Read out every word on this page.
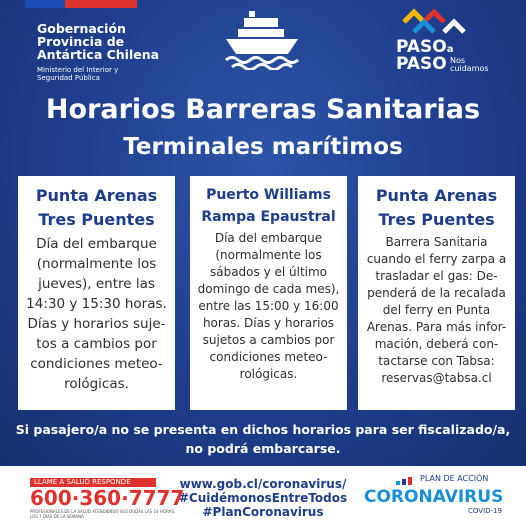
Gobernación
Provincia de
Antártica Chilena
Ministerio del Interior y
Seguridad Pública
PASOa
PASO Nos
cuidamos
Horarios Barreras Sanitarias
Terminales marítimos
Punta Arenas
Tres Puentes
Día del embarque
(normalmente los
jueves), entre las
14:30 y 15:30 horas.
Días y horarios suje-
tos a cambios por
condiciones meteo-
rológicas.
Puerto Williams
Rampa Epaustral
Día del embarque
(normalmente los
sábados y el último
domingo de cada mes),
entre las 15:00 y 16:00
horas. Días y horarios
sujetos a cambios por
condiciones meteo-
rológicas.
Punta Arenas
Tres Puentes
Barrera Sanitaria
cuando el ferry zarpa a
trasladar el gas: De-
penderá de la recalada
del ferry en Punta
Arenas. Para más infor-
mación, deberá con-
tactarse con Tabsa:
reservas@tabsa.cl
Si pasajero/a no se presenta en dichos horarios para ser fiscalizado/a,
no podrá embarcarse.
LLAME A SALUD RESPONDE
600·360·7777
PROFESIONALES DE LA SALUD ATENDIENDO SUS DUDAS LAS 24 HORAS,
LOS 7 DÍAS DE LA SEMANA
www.gob.cl/coronavirus/
#CuidémonosEntreTodos
#PlanCoronavirus
PLAN DE ACCIÓN
CORONAVIRUS
COVID-19
